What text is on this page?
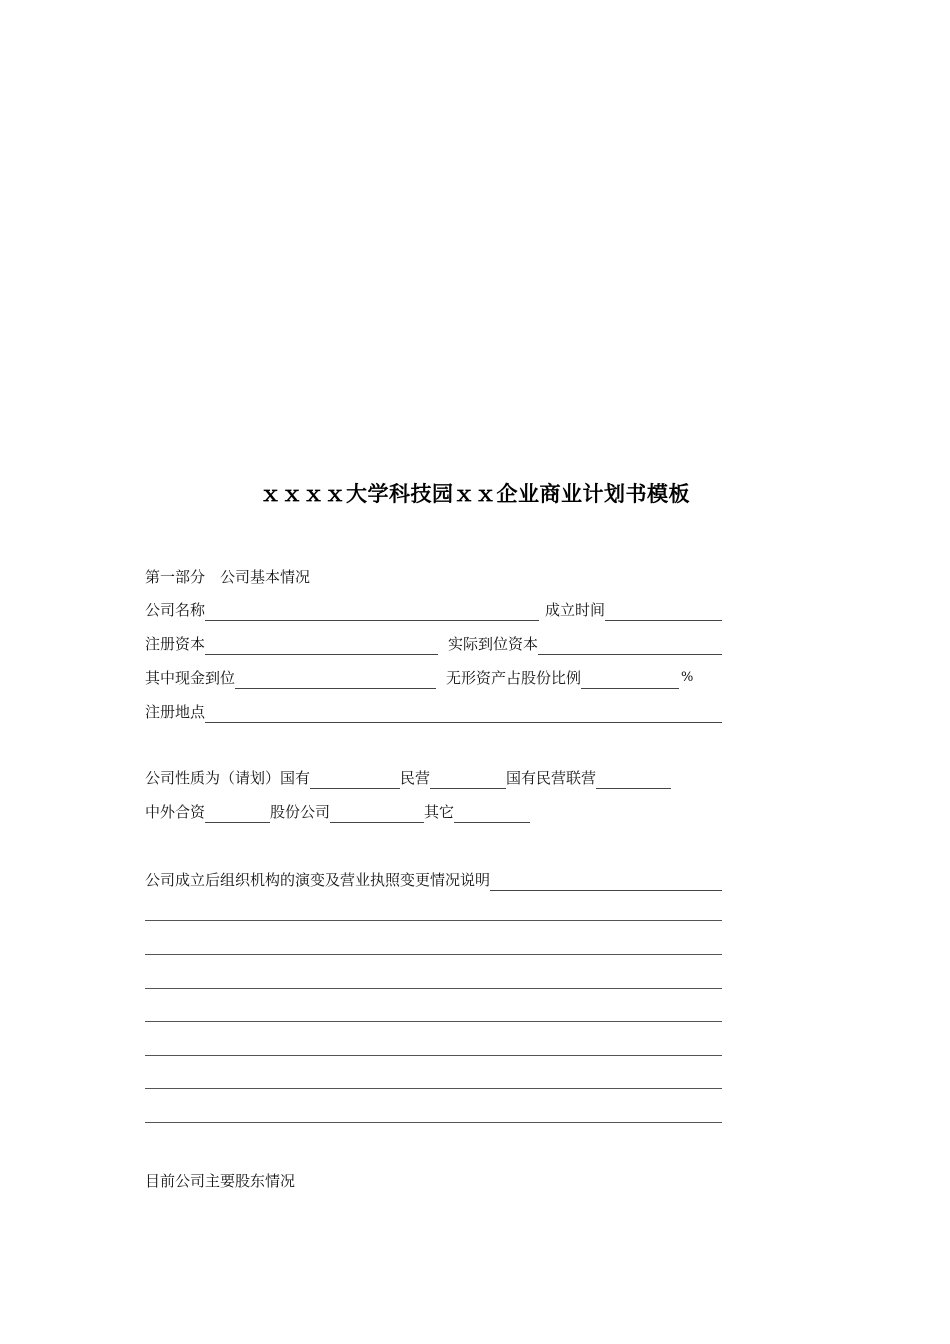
ｘｘｘｘ大学科技园ｘｘ企业商业计划书模板
第一部分　公司基本情况
公司名称	成立时间
注册资本	实际到位资本
其中现金到位	无形资产占股份比例	%
注册地点
公司性质为（请划）国有	民营	国有民营联营
中外合资	股份公司	其它
公司成立后组织机构的演变及营业执照变更情况说明
目前公司主要股东情况
